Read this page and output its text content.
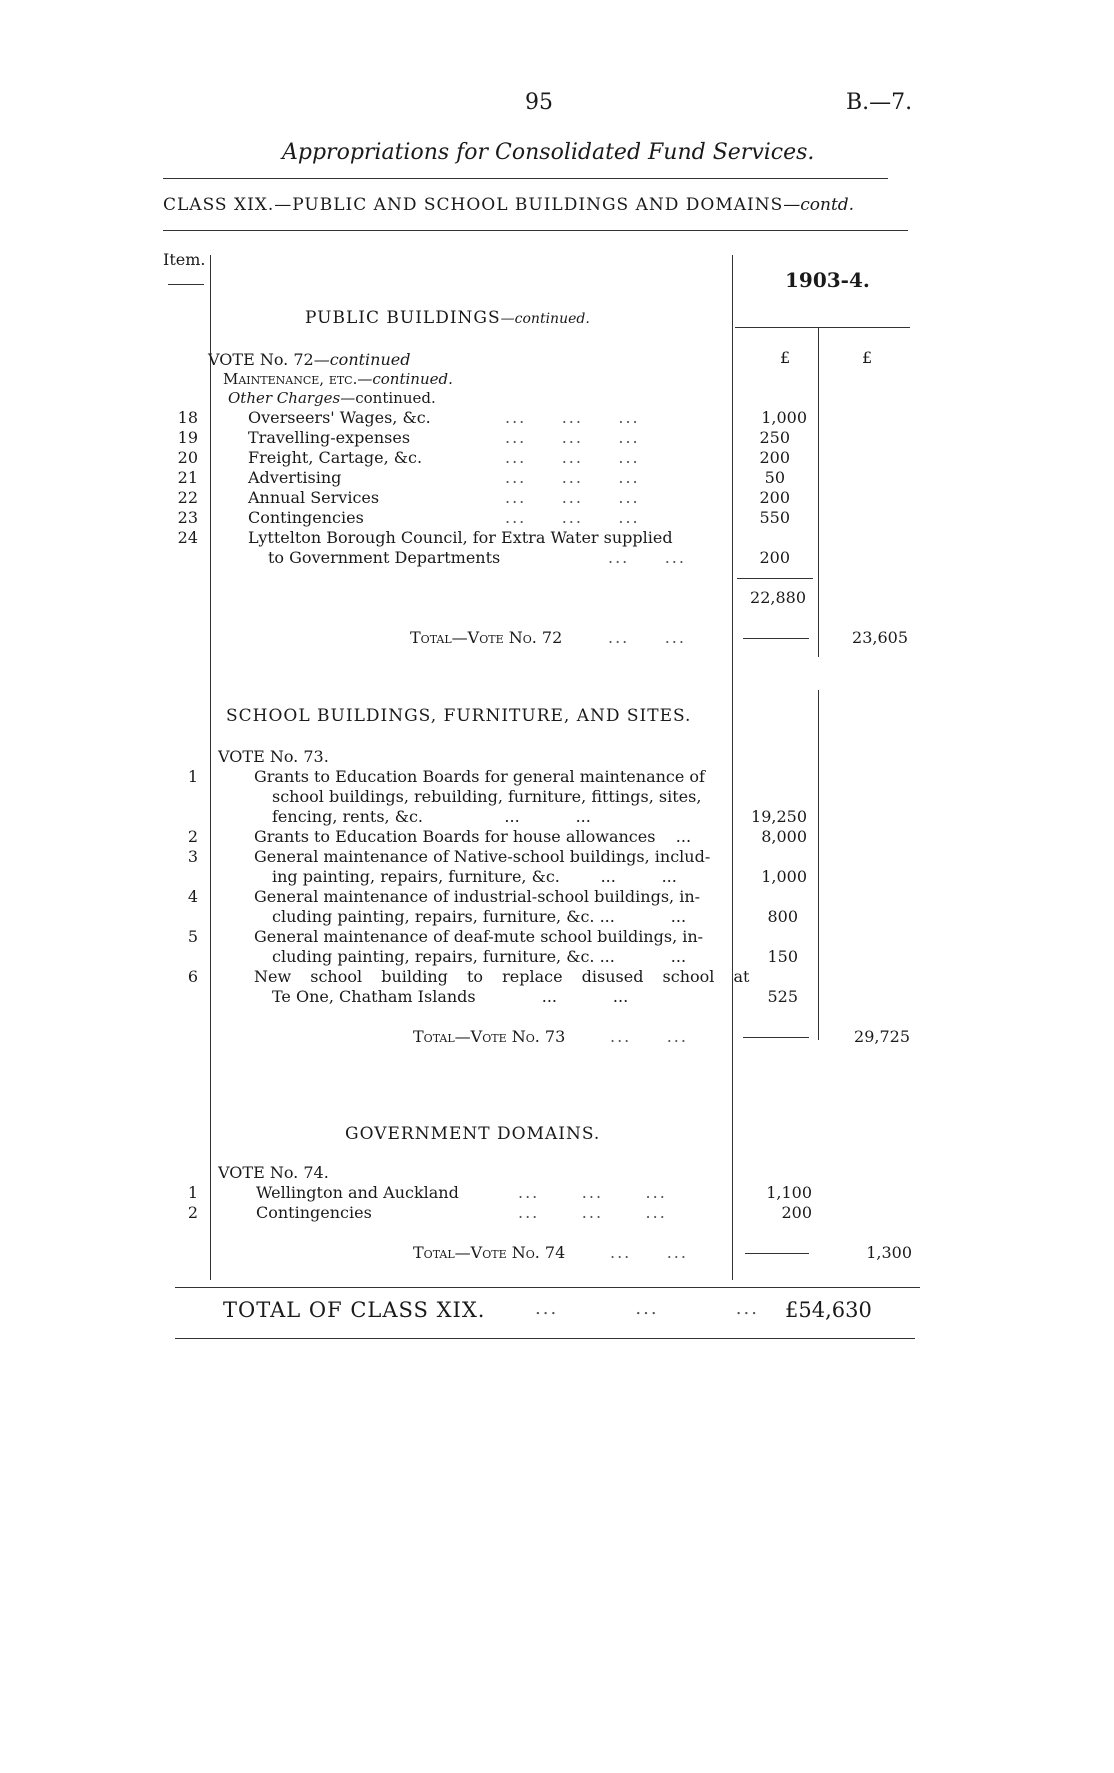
95	B.—7.
Appropriations for Consolidated Fund Services.
CLASS XIX.—PUBLIC AND SCHOOL BUILDINGS AND DOMAINS—contd.
Item.
1903-4.
£	£
PUBLIC BUILDINGS—continued.
VOTE No. 72—continued
Maintenance, etc.—continued.
Other Charges—continued.
18	Overseers' Wages, &c.	...     ...     ...	1,000
19	Travelling-expenses	...     ...     ...	250
20	Freight, Cartage, &c.	...     ...     ...	200
21	Advertising	...     ...     ...	50
22	Annual Services	...     ...     ...	200
23	Contingencies	...     ...     ...	550
24	Lyttelton Borough Council, for Extra Water supplied
to Government Departments	...     ...	200
22,880
Total—Vote No. 72	...     ...	23,605
SCHOOL BUILDINGS, FURNITURE, AND SITES.
VOTE No. 73.
1	Grants to Education Boards for general maintenance of
school buildings, rebuilding, furniture, fittings, sites,
fencing, rents, &c.                ...           ...	19,250
2	Grants to Education Boards for house allowances    ...	8,000
3	General maintenance of Native-school buildings, includ-
ing painting, repairs, furniture, &c.        ...         ...	1,000
4	General maintenance of industrial-school buildings, in-
cluding painting, repairs, furniture, &c. ...           ...	800
5	General maintenance of deaf-mute school buildings, in-
cluding painting, repairs, furniture, &c. ...           ...	150
6	New school building to replace disused school at
Te One, Chatham Islands             ...           ...	525
Total—Vote No. 73	...     ...	29,725
GOVERNMENT DOMAINS.
VOTE No. 74.
1	Wellington and Auckland	...      ...      ...	1,100
2	Contingencies	...      ...      ...	200
Total—Vote No. 74	...     ...	1,300
TOTAL OF CLASS XIX.	...          ...          ... £54,630
